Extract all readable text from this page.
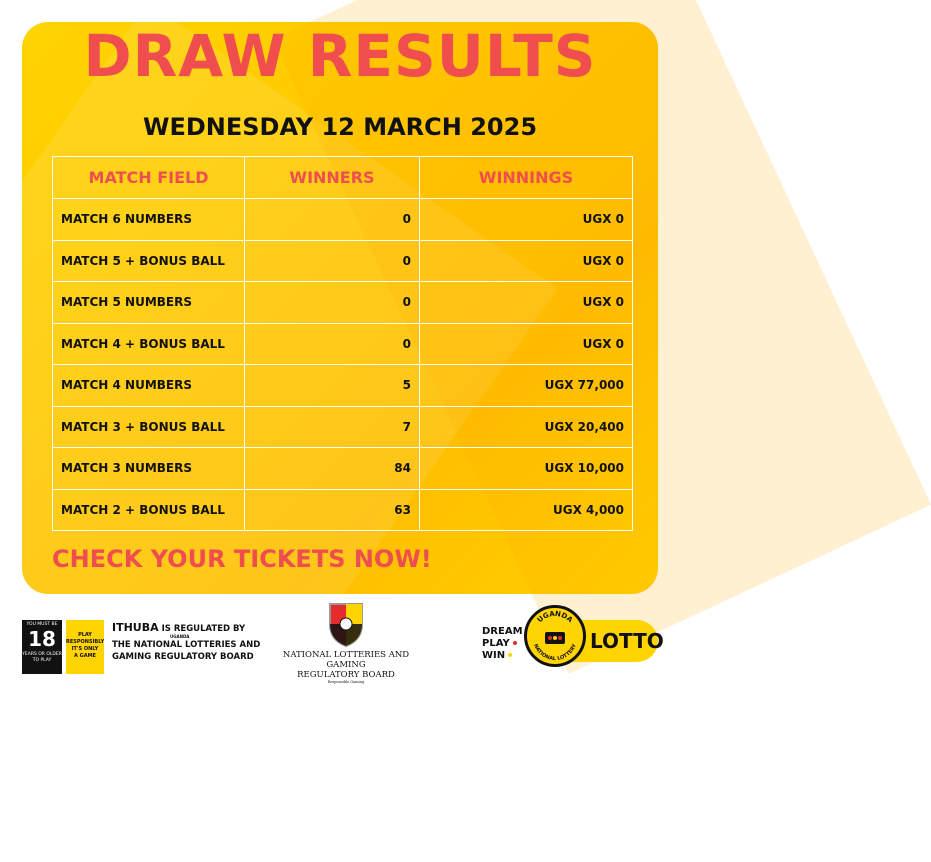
DRAW RESULTS
WEDNESDAY 12 MARCH 2025
MATCH FIELD	WINNERS	WINNINGS
MATCH 6 NUMBERS	0	UGX 0
MATCH 5 + BONUS BALL	0	UGX 0
MATCH 5 NUMBERS	0	UGX 0
MATCH 4 + BONUS BALL	0	UGX 0
MATCH 4 NUMBERS	5	UGX 77,000
MATCH 3 + BONUS BALL	7	UGX 20,400
MATCH 3 NUMBERS	84	UGX 10,000
MATCH 2 + BONUS BALL	63	UGX 4,000
CHECK YOUR TICKETS NOW!
YOU MUST BE
18
YEARS OR OLDER TO PLAY
PLAY
RESPONSIBLY
IT'S ONLY
A GAME
ITHUBA IS REGULATED BY
UGANDA
THE NATIONAL LOTTERIES AND
GAMING REGULATORY BOARD	NATIONAL LOTTERIES AND GAMING
REGULATORY BOARD
Responsible Gaming
DREAM
PLAY
WIN
UGANDA
NATIONAL LOTTERY LOTTO
